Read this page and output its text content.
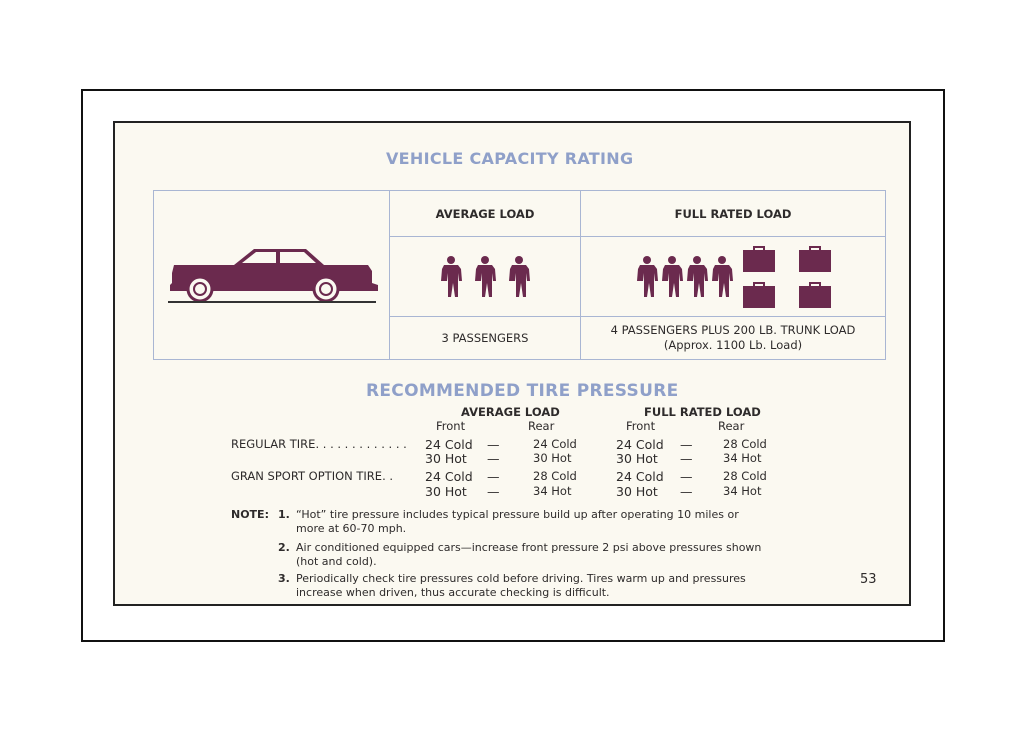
VEHICLE CAPACITY RATING
AVERAGE LOAD	FULL RATED LOAD
3 PASSENGERS
4 PASSENGERS PLUS 200 LB. TRUNK LOAD
(Approx. 1100 Lb. Load)
RECOMMENDED TIRE PRESSURE
AVERAGE LOAD	FULL RATED LOAD
Front	Rear	Front	Rear
REGULAR TIRE. . . . . . . . . . . . . 24 Cold —	24 Cold	24 Cold —	28 Cold
30 Hot —	30 Hot	30 Hot —	34 Hot
GRAN SPORT OPTION TIRE. .	24 Cold —	28 Cold	24 Cold —	28 Cold
30 Hot —	34 Hot	30 Hot —	34 Hot
NOTE: 1. “Hot” tire pressure includes typical pressure build up after operating 10 miles or
more at 60-70 mph.
2. Air conditioned equipped cars—increase front pressure 2 psi above pressures shown
(hot and cold).
3. Periodically check tire pressures cold before driving. Tires warm up and pressures
increase when driven, thus accurate checking is difficult.
53
